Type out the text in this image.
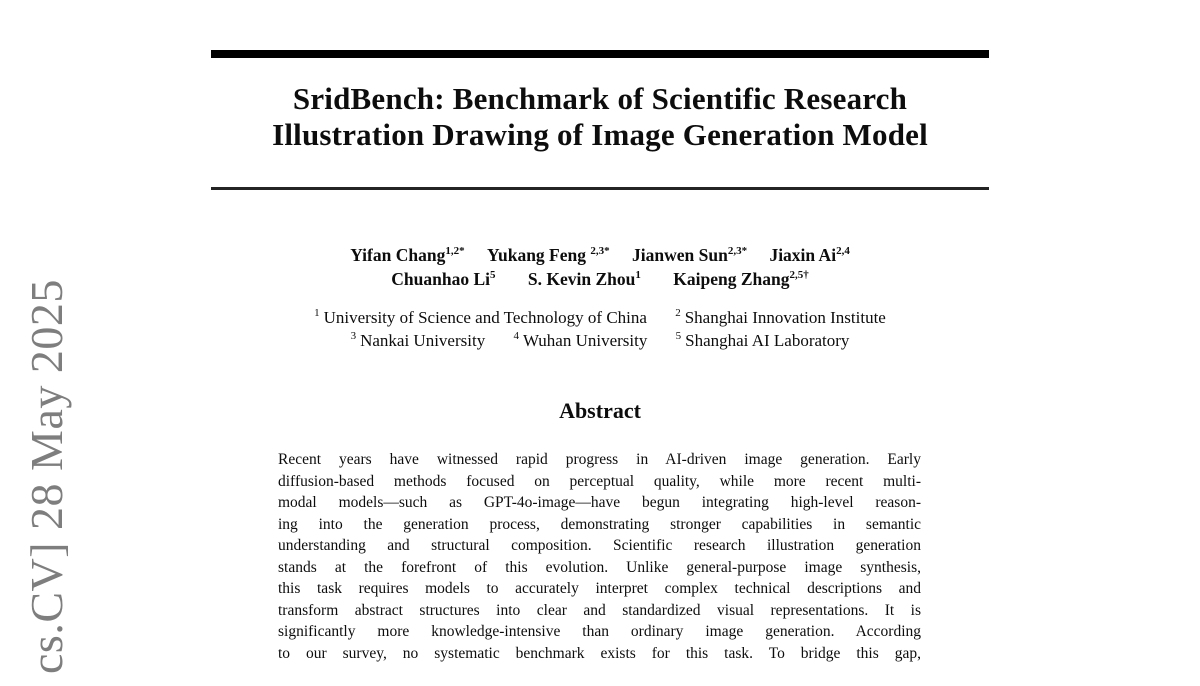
cs.CV] 28 May 2025
SridBench: Benchmark of Scientific Research
Illustration Drawing of Image Generation Model
Yifan Chang$^{1,2*}$ Yukang Feng $^{2,3*}$ Jianwen Sun$^{2,3*}$ Jiaxin Ai$^{2,4}$
Chuanhao Li$^5$ S. Kevin Zhou$^1$ Kaipeng Zhang$^{2,5\dagger}$
$^1$ University of Science and Technology of China	$^2$ Shanghai Innovation Institute
$^3$ Nankai University	$^4$ Wuhan University	$^5$ Shanghai AI Laboratory
Abstract
Recent years have witnessed rapid progress in AI-driven image generation. Early
diffusion-based methods focused on perceptual quality, while more recent multi-
modal models—such as GPT-4o-image—have begun integrating high-level reason-
ing into the generation process, demonstrating stronger capabilities in semantic
understanding and structural composition. Scientific research illustration generation
stands at the forefront of this evolution. Unlike general-purpose image synthesis,
this task requires models to accurately interpret complex technical descriptions and
transform abstract structures into clear and standardized visual representations. It is
significantly more knowledge-intensive than ordinary image generation. According
to our survey, no systematic benchmark exists for this task. To bridge this gap,
